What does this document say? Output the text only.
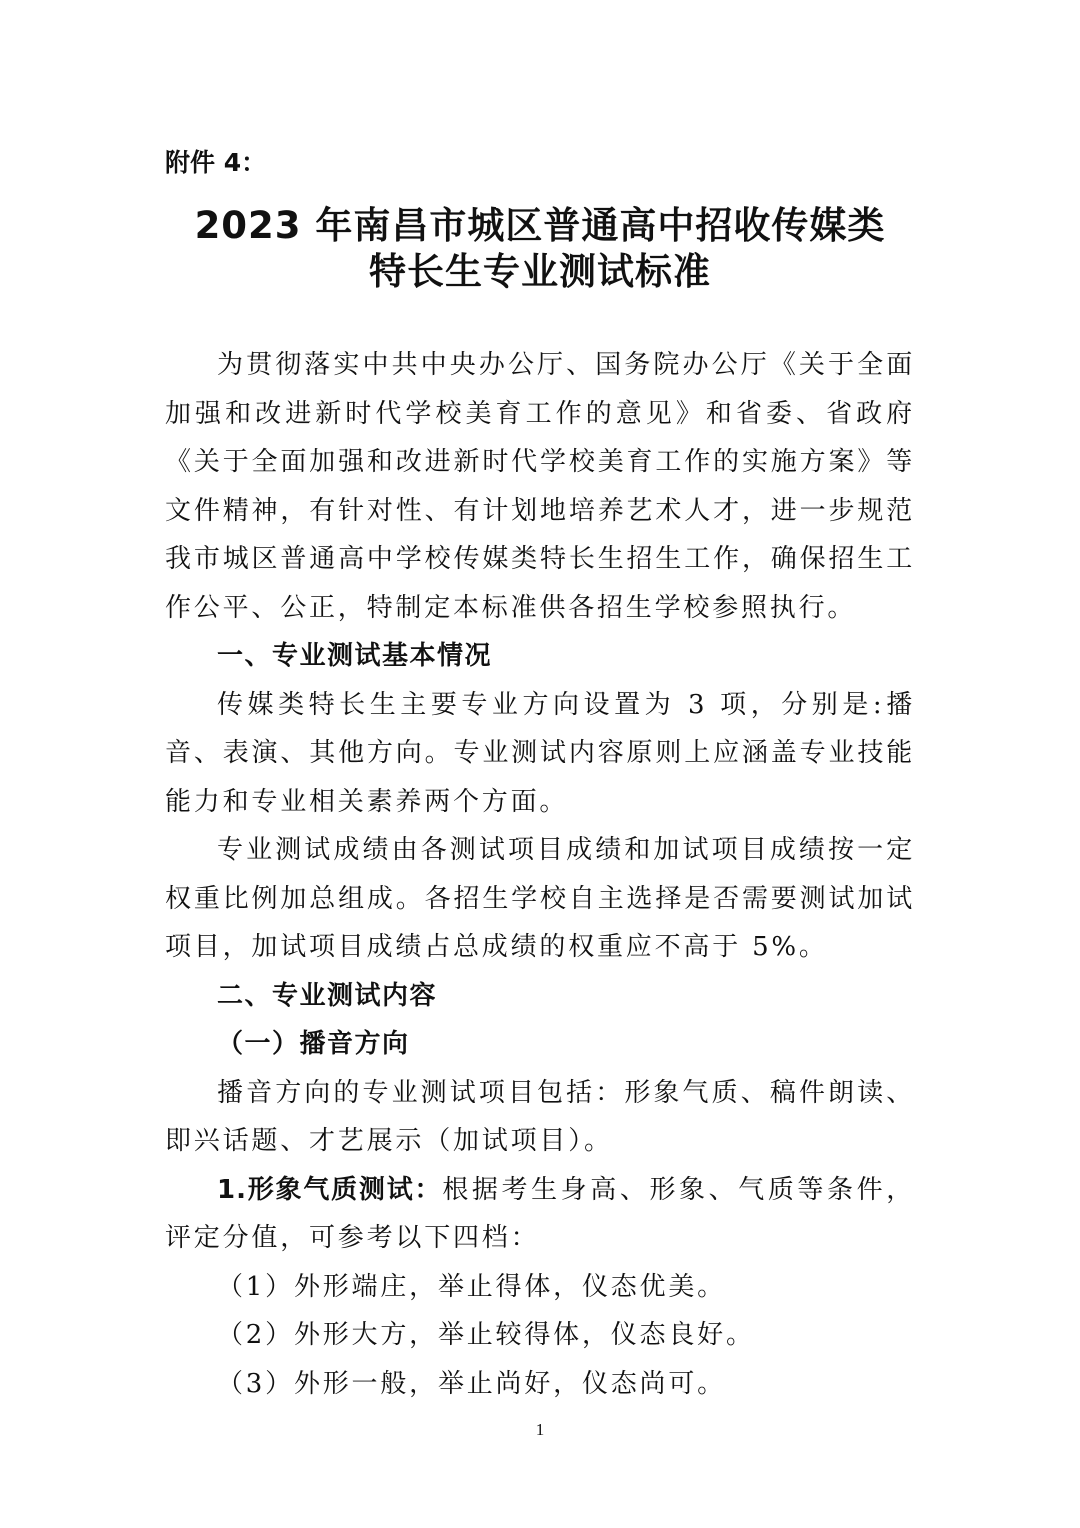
附件 4：

2023 年南昌市城区普通高中招收传媒类
特长生专业测试标准

为贯彻落实中共中央办公厅、国务院办公厅《关于全面加强和改进新时代学校美育工作的意见》和省委、省政府《关于全面加强和改进新时代学校美育工作的实施方案》等文件精神，有针对性、有计划地培养艺术人才，进一步规范我市城区普通高中学校传媒类特长生招生工作，确保招生工作公平、公正，特制定本标准供各招生学校参照执行。

一、专业测试基本情况

传媒类特长生主要专业方向设置为 3 项，分别是:播音、表演、其他方向。专业测试内容原则上应涵盖专业技能能力和专业相关素养两个方面。

专业测试成绩由各测试项目成绩和加试项目成绩按一定权重比例加总组成。各招生学校自主选择是否需要测试加试项目，加试项目成绩占总成绩的权重应不高于 5%。

二、专业测试内容

（一）播音方向

播音方向的专业测试项目包括：形象气质、稿件朗读、即兴话题、才艺展示（加试项目）。

1.形象气质测试：根据考生身高、形象、气质等条件，评定分值，可参考以下四档：

（1）外形端庄，举止得体，仪态优美。

（2）外形大方，举止较得体，仪态良好。

（3）外形一般，举止尚好，仪态尚可。

1
